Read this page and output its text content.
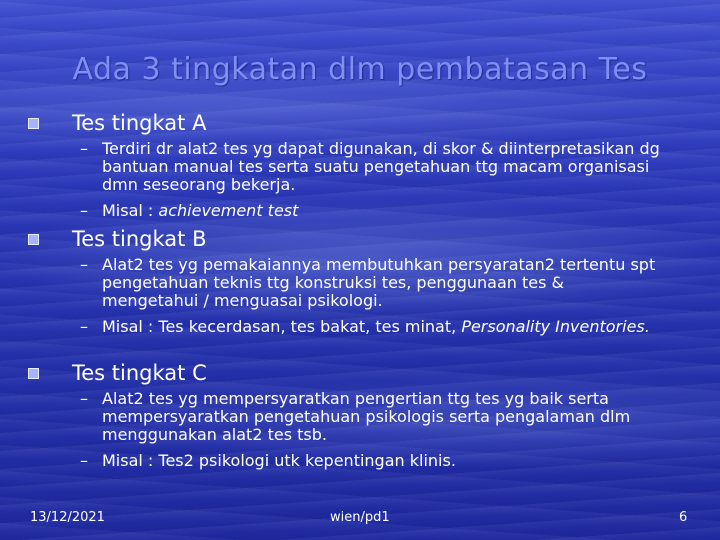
Ada 3 tingkatan dlm pembatasan Tes
Tes tingkat A
– Terdiri dr alat2 tes yg dapat digunakan, di skor & diinterpretasikan dg bantuan manual tes serta suatu pengetahuan ttg macam organisasi dmn seseorang bekerja.
– Misal : achievement test
Tes tingkat B
– Alat2 tes yg pemakaiannya membutuhkan persyaratan2 tertentu spt pengetahuan teknis ttg konstruksi tes, penggunaan tes & mengetahui / menguasai psikologi.
– Misal : Tes kecerdasan, tes bakat, tes minat, Personality Inventories.
Tes tingkat C
– Alat2 tes yg mempersyaratkan pengertian ttg tes yg baik serta mempersyaratkan pengetahuan psikologis serta pengalaman dlm menggunakan alat2 tes tsb.
– Misal : Tes2 psikologi utk kepentingan klinis.
13/12/2021	wien/pd1	6
